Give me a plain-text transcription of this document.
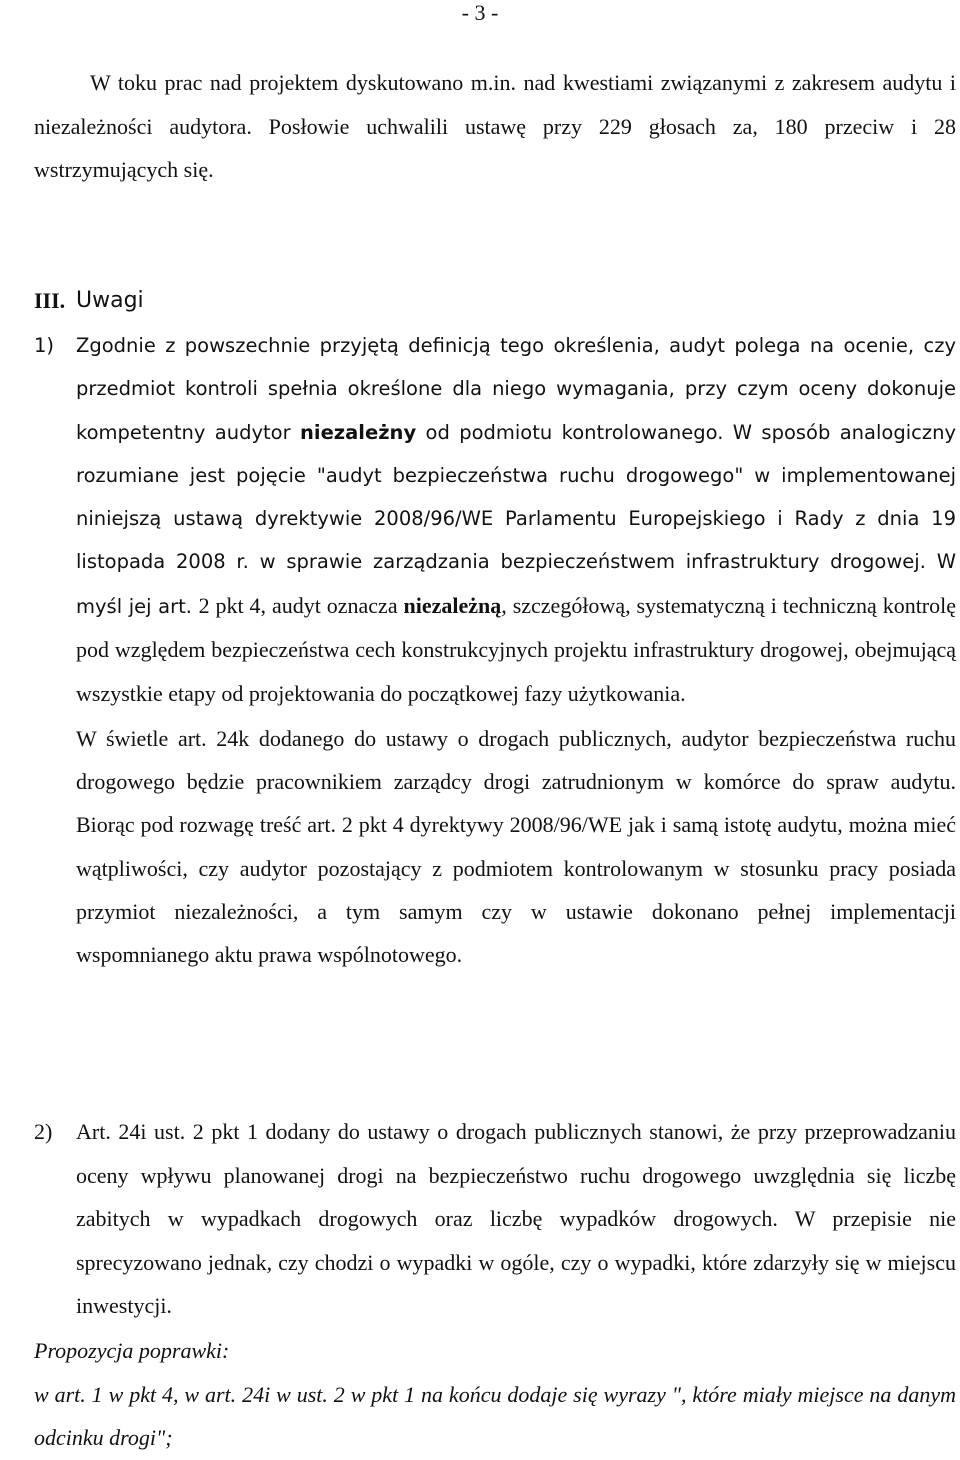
- 3 -
W toku prac nad projektem dyskutowano m.in. nad kwestiami związanymi z zakresem audytu i niezależności audytora. Posłowie uchwalili ustawę przy 229 głosach za, 180 przeciw i 28 wstrzymujących się.
III. Uwagi
1)	Zgodnie z powszechnie przyjętą definicją tego określenia, audyt polega na ocenie, czy przedmiot kontroli spełnia określone dla niego wymagania, przy czym oceny dokonuje kompetentny audytor niezależny od podmiotu kontrolowanego. W sposób analogiczny rozumiane jest pojęcie "audyt bezpieczeństwa ruchu drogowego" w implementowanej niniejszą ustawą dyrektywie 2008/96/WE Parlamentu Europejskiego i Rady z dnia 19 listopada 2008 r. w sprawie zarządzania bezpieczeństwem infrastruktury drogowej. W myśl jej art. 2 pkt 4, audyt oznacza niezależną, szczegółową, systematyczną i techniczną kontrolę pod względem bezpieczeństwa cech konstrukcyjnych projektu infrastruktury drogowej, obejmującą wszystkie etapy od projektowania do początkowej fazy użytkowania.
W świetle art. 24k dodanego do ustawy o drogach publicznych, audytor bezpieczeństwa ruchu drogowego będzie pracownikiem zarządcy drogi zatrudnionym w komórce do spraw audytu. Biorąc pod rozwagę treść art. 2 pkt 4 dyrektywy 2008/96/WE jak i samą istotę audytu, można mieć wątpliwości, czy audytor pozostający z podmiotem kontrolowanym w stosunku pracy posiada przymiot niezależności, a tym samym czy w ustawie dokonano pełnej implementacji wspomnianego aktu prawa wspólnotowego.
2)	Art. 24i ust. 2 pkt 1 dodany do ustawy o drogach publicznych stanowi, że przy przeprowadzaniu oceny wpływu planowanej drogi na bezpieczeństwo ruchu drogowego uwzględnia się liczbę zabitych w wypadkach drogowych oraz liczbę wypadków drogowych. W przepisie nie sprecyzowano jednak, czy chodzi o wypadki w ogóle, czy o wypadki, które zdarzyły się w miejscu inwestycji.
Propozycja poprawki:
w art. 1 w pkt 4, w art. 24i w ust. 2 w pkt 1 na końcu dodaje się wyrazy ", które miały miejsce na danym odcinku drogi";
